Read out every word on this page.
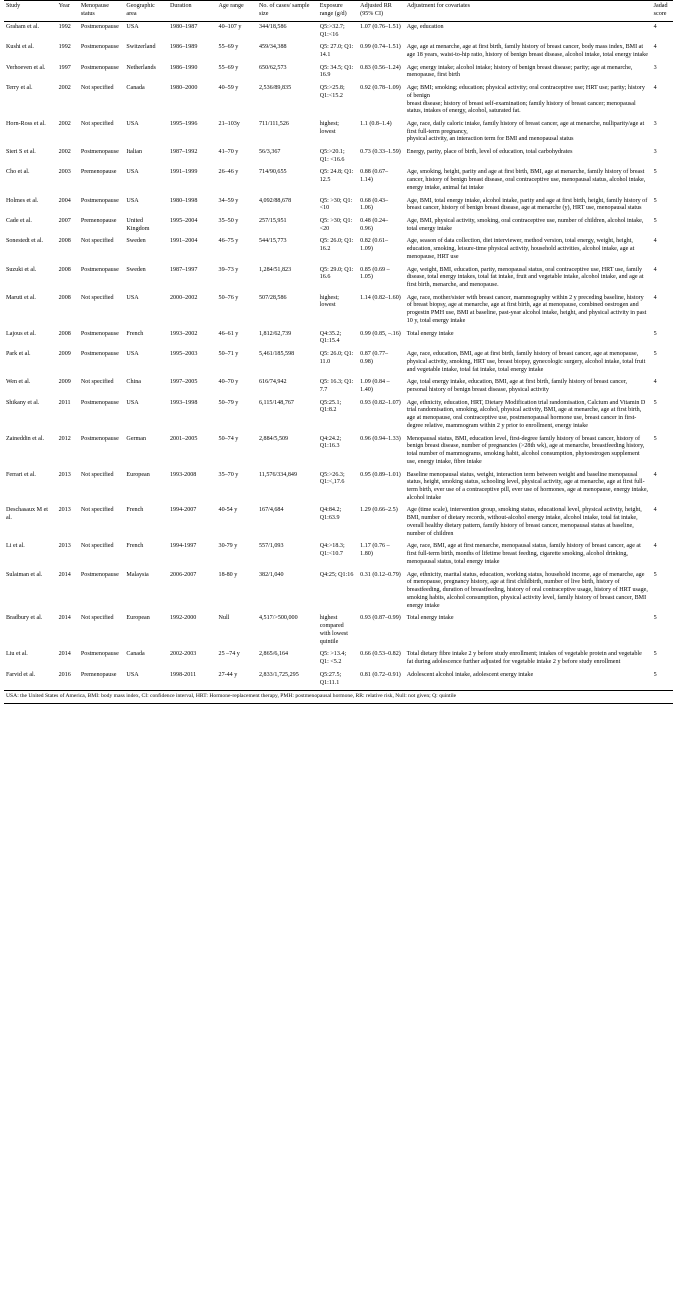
Study	Year	Menopause status	Geographic area	Duration	Age range	No. of cases/ sample size	Exposure range (g/d)	Adjusted RR (95% CI)	Adjustment for covariates	Jadad score

Graham et al.	1992	Postmenopause	USA	1980–1987	40–107 y	344/18,586	Q5:>32.7; Q1:<16	1.07 (0.76–1.51)	Age, education	4

Kushi et al.	1992	Postmenopause	Switzerland	1986–1989	55–69 y	459/34,388	Q5: 27.0; Q1: 14.1	0.99 (0.74–1.51)	Age, age at menarche, age at first birth, family history of breast cancer, body mass index, BMI at age 18 years, waist-to-hip ratio, history of benign breast disease, alcohol intake, total energy intake	4

Verhoeven et al.	1997	Postmenopause	Netherlands	1986–1990	55–69 y	650/62,573	Q5: 34.5; Q1: 16.9	0.83 (0.56–1.24)	Age; energy intake; alcohol intake; history of benign breast disease; parity; age at menarche, menopause, first birth	3

Terry et al.	2002	Not specified	Canada	1980–2000	40–59 y	2,536/89,835	Q5:>25.8; Q1:<15.2	0.92 (0.78–1.09)	Age; BMI; smoking; education; physical activity; oral contraceptive use; HRT use; parity; history of benign
breast disease; history of breast self-examination; family history of breast cancer; menopausal status, intakes of energy, alcohol, saturated fat.	4

Horn-Ross et al.	2002	Not specified	USA	1995–1996	21–103y	711/111,526	highest; lowest	1.1 (0.8–1.4)	Age, race, daily caloric intake, family history of breast cancer, age at menarche, nulliparity/age at first full-term pregnancy,
physical activity, an interaction term for BMI and menopausal status	3

Sieri S et al.	2002	Postmenopause	Italian	1987–1992	41–70 y	56/3,367	Q5:>20.1; Q1: <16.6	0.73 (0.33–1.59)	Energy, parity, place of birth, level of education, total carbohydrates	3

Cho et al.	2003	Premenopause	USA	1991–1999	26–46 y	714/90,655	Q5: 24.8; Q1: 12.5	0.88 (0.67– 1.14)	Age, smoking, height, parity and age at first birth, BMI, age at menarche, family history of breast cancer, history of benign breast disease, oral contraceptive use, menopausal status, alcohol intake, energy intake, animal fat intake	5

Holmes et al.	2004	Postmenopause	USA	1980–1998	34–59 y	4,092/88,678	Q5: >30; Q1: <10	0.68 (0.43– 1.06)	Age, BMI, total energy intake, alcohol intake, parity and age at first birth, height, family history of breast cancer, history of benign breast disease, age at menarche (y), HRT use, menopausal status	5

Cade et al.	2007	Premenopause	United Kingdom	1995–2004	35–50 y	257/15,951	Q5: >30; Q1:<20	0.48 (0.24– 0.96)	Age, BMI, physical activity, smoking, oral contraceptive use, number of children, alcohol intake, total energy intake	5

Sonestedt et al.	2008	Not specified	Sweden	1991–2004	46–75 y	544/15,773	Q5: 26.0; Q1: 16.2	0.82 (0.61– 1.09)	Age, season of data collection, diet interviewer, method version, total energy, weight, height, education, smoking, leisure-time physical activity, household activities, alcohol intake, age at menopause, HRT use	4

Suzuki et al.	2008	Postmenopause	Sweden	1987–1997	39–73 y	1,284/51,823	Q5: 29.0; Q1: 16.6	0.85 (0.69 –1.05)	Age, weight, BMI, education, parity, menopausal status, oral contraceptive use, HRT use, family disease, total energy intakes, total fat intake, fruit and vegetable intake, alcohol intake, and age at first birth, menarche, and menopause.	4

Maruti et al.	2008	Not specified	USA	2000–2002	50–76 y	507/28,586	highest; lowest	1.14 (0.82–1.60)	Age, race, mother/sister with breast cancer, mammography within 2 y preceding baseline, history of breast biopsy, age at menarche, age at first birth, age at menopause, combined oestrogen and progestin PMH use, BMI at baseline, past-year alcohol intake, height, and physical activity in past 10 y, total energy intake	4

Lajous et al.	2008	Postmenopause	French	1993–2002	46–61 y	1,812/62,739	Q4:35.2; Q1:15.4	0.99 (0.85, –.16)	Total energy intake	5

Park et al.	2009	Postmenopause	USA	1995–2003	50–71 y	5,461/185,598	Q5: 26.0; Q1: 11.0	0.87 (0.77– 0.98)	Age, race, education, BMI, age at first birth, family history of breast cancer, age at menopause, physical activity, smoking, HRT use, breast biopsy, gynecologic surgery, alcohol intake, total fruit and vegetable intake, total fat intake, total energy intake	5

Wen et al.	2009	Not specified	China	1997–2005	40–70 y	616/74,942	Q5: 16.3; Q1: 7.7	1.09 (0.84 –1.40)	Age, total energy intake, education, BMI, age at first birth, family history of breast cancer, personal history of benign breast disease, physical activity	4

Shikany et al.	2011	Postmenopause	USA	1993–1998	50–79 y	6,115/148,767	Q5:25.1; Q1:8.2	0.93 (0.82–1.07)	Age, ethnicity, education, HRT, Dietary Modification trial randomisation, Calcium and Vitamin D trial randomisation, smoking, alcohol, physical activity, BMI, age at menarche, age at first birth, age at menopause, oral contraceptive use, postmenopausal hormone use, breast cancer in first-degree relative, mammogram within 2 y prior to enrollment, energy intake	5

Zaineddin et al.	2012	Postmenopause	German	2001–2005	50–74 y	2,884/5,509	Q4:24.2; Q1:16.3	0.96 (0.94–1.33)	Menopausal status, BMI, education level, first-degree family history of breast cancer, history of benign breast disease, number of pregnancies (>28th wk), age at menarche, breastfeeding history, total number of mammograms, smoking habit, alcohol consumption, phytoestrogen supplement use, energy intake, fibre intake	5

Ferrari et al.	2013	Not specified	European	1993-2008	35–70 y	11,576/334,849	Q5:>26.3; Q1:<,17.6	0.95 (0.89–1.01)	Baseline menopausal status, weight, interaction term between weight and baseline menopausal status, height, smoking status, schooling level, physical activity, age at menarche, age at first full-term birth, ever use of a contraceptive pill, ever use of hormones, age at menopause, energy intake, alcohol intake	4

Deschasaux M et al.	2013	Not specified	French	1994-2007	40-54 y	167/4,684	Q4:84.2; Q1:63.9	1.29 (0.66–2.5)	Age (time scale), intervention group, smoking status, educational level, physical activity, height, BMI, number of dietary records, without-alcohol energy intake, alcohol intake, total fat intake, overall healthy dietary pattern, family history of breast cancer, menopausal status at baseline, number of children	4

Li et al.	2013	Not specified	French	1994-1997	30-79 y	557/1,093	Q4:>18.3; Q1:<10.7	1.17 (0.76 –1.80)	Age, race, BMI, age at first menarche, menopausal status, family history of breast cancer, age at first full-term birth, months of lifetime breast feeding, cigarette smoking, alcohol drinking, menopausal status, total energy intake	4

Sulaiman et al.	2014	Postmenopause	Malaysia	2006-2007	18-80 y	382/1,040	Q4:25; Q1:16	0.31 (0.12–0.79)	Age, ethnicity, marital status, education, working status, household income, age of menarche, age of menopause, pregnancy history, age at first childbirth, number of live birth, history of breastfeeding, duration of breastfeeding, history of oral contraceptive usage, history of HRT usage, smoking habits, alcohol consumption, physical activity level, family history of breast cancer, BMI energy intake	5

Bradbury et al.	2014	Not specified	European	1992-2000	Null	4,517/>500,000	highest compared with lowest quintile	0.93 (0.87–0.99)	Total energy intake	5

Liu et al.	2014	Postmenopause	Canada	2002-2003	25 –74 y	2,865/6,164	Q5: >13.4; Q1: <5.2	0.66 (0.53–0.82)	Total dietary fibre intake 2 y before study enrollment; intakes of vegetable protein and vegetable fat during adolescence further adjusted for vegetable intake 2 y before study enrollment	5

Farvid et al.	2016	Premenopause	USA	1998-2011	27-44 y	2,833/1,725,295	Q5:27.5; Q1:11.1	0.81 (0.72–0.91)	Adolescent alcohol intake, adolescent energy intake	5
USA: the United States of America, BMI: body mass index, CI: confidence interval, HRT: Hormone-replacement therapy, PMH: postmenopausal hormone, RR: relative risk, Null: not given; Q: quintile
